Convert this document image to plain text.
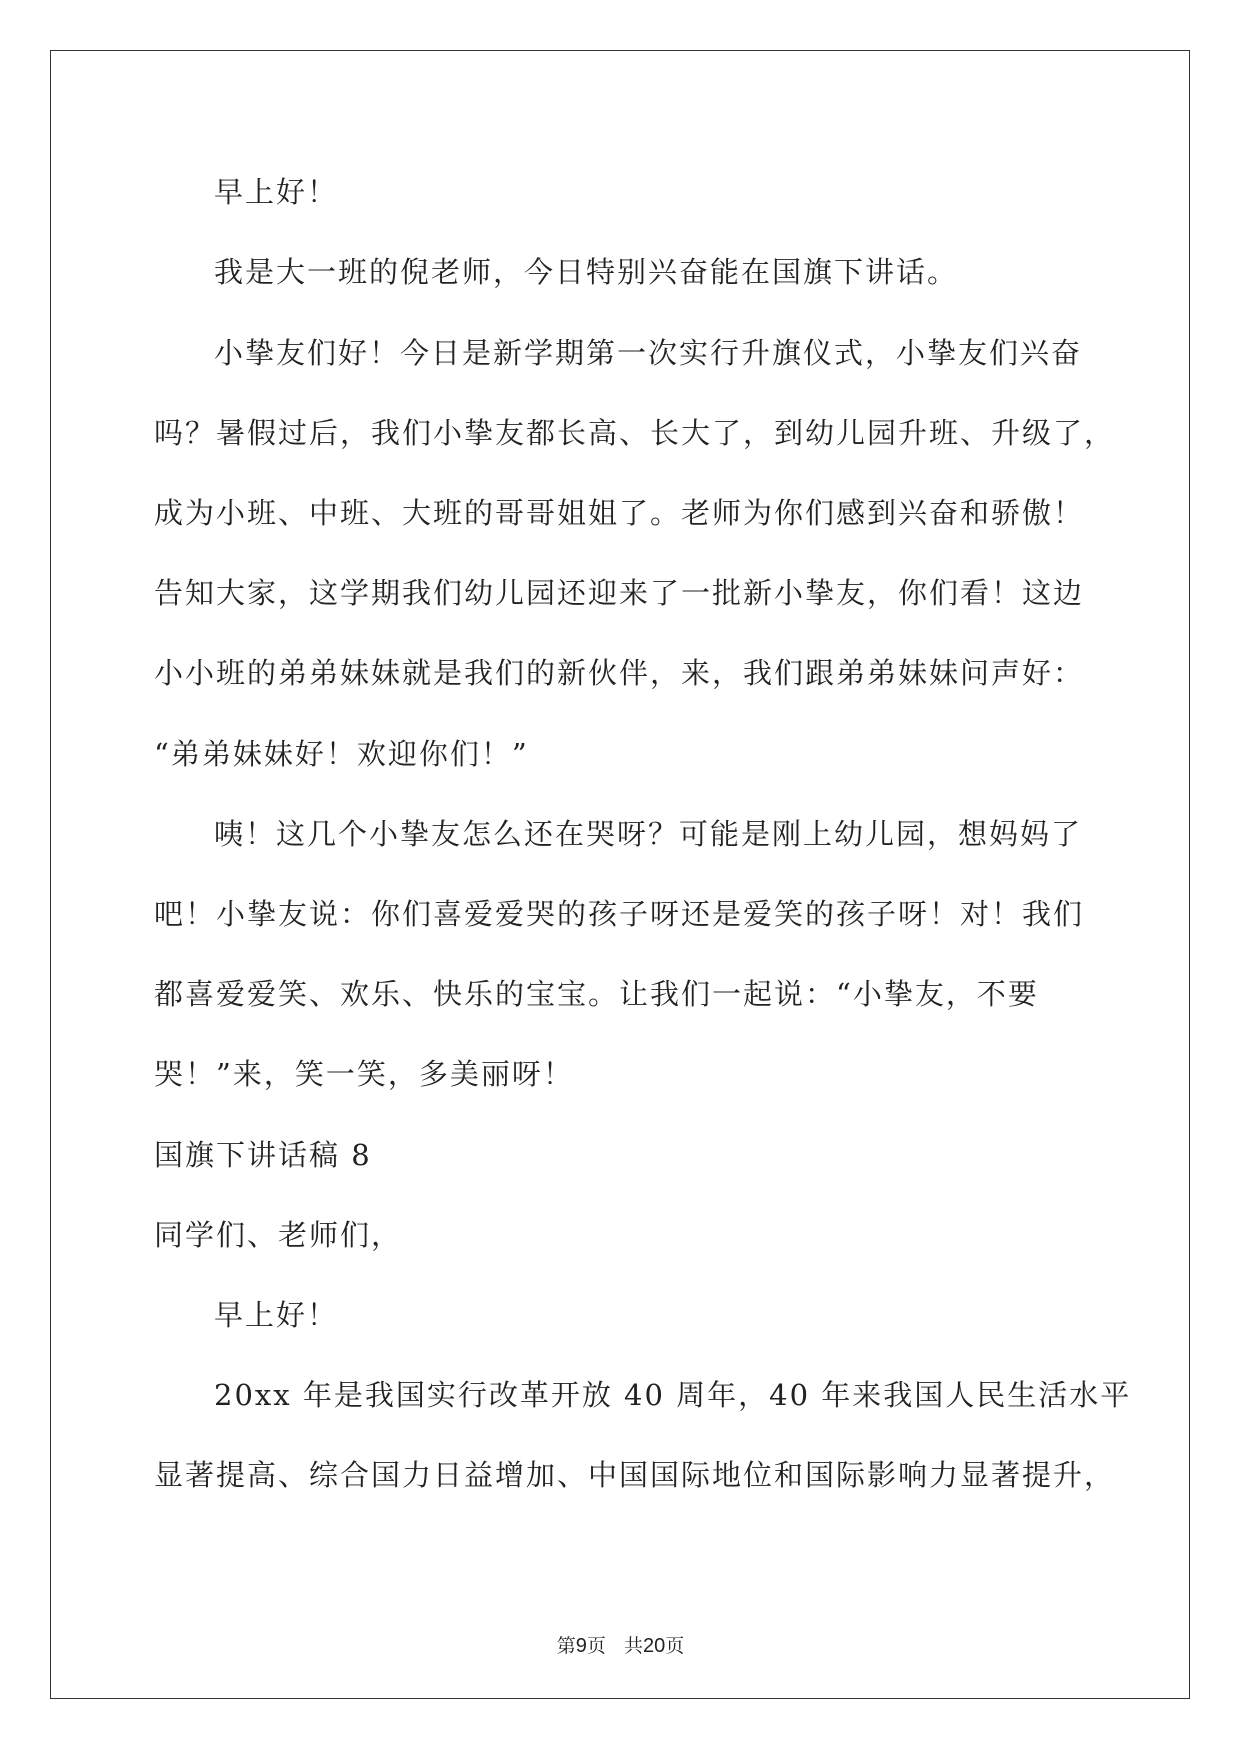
早上好！
我是大一班的倪老师，今日特别兴奋能在国旗下讲话。
小挚友们好！今日是新学期第一次实行升旗仪式，小挚友们兴奋
吗？暑假过后，我们小挚友都长高、长大了，到幼儿园升班、升级了，
成为小班、中班、大班的哥哥姐姐了。老师为你们感到兴奋和骄傲！
告知大家，这学期我们幼儿园还迎来了一批新小挚友，你们看！这边
小小班的弟弟妹妹就是我们的新伙伴，来，我们跟弟弟妹妹问声好：
“弟弟妹妹好！欢迎你们！”
咦！这几个小挚友怎么还在哭呀？可能是刚上幼儿园，想妈妈了
吧！小挚友说：你们喜爱爱哭的孩子呀还是爱笑的孩子呀！对！我们
都喜爱爱笑、欢乐、快乐的宝宝。让我们一起说：“小挚友，不要
哭！”来，笑一笑，多美丽呀！
国旗下讲话稿 8
同学们、老师们，
早上好！
20xx 年是我国实行改革开放 40 周年，40 年来我国人民生活水平
显著提高、综合国力日益增加、中国国际地位和国际影响力显著提升，
第9页 共20页
